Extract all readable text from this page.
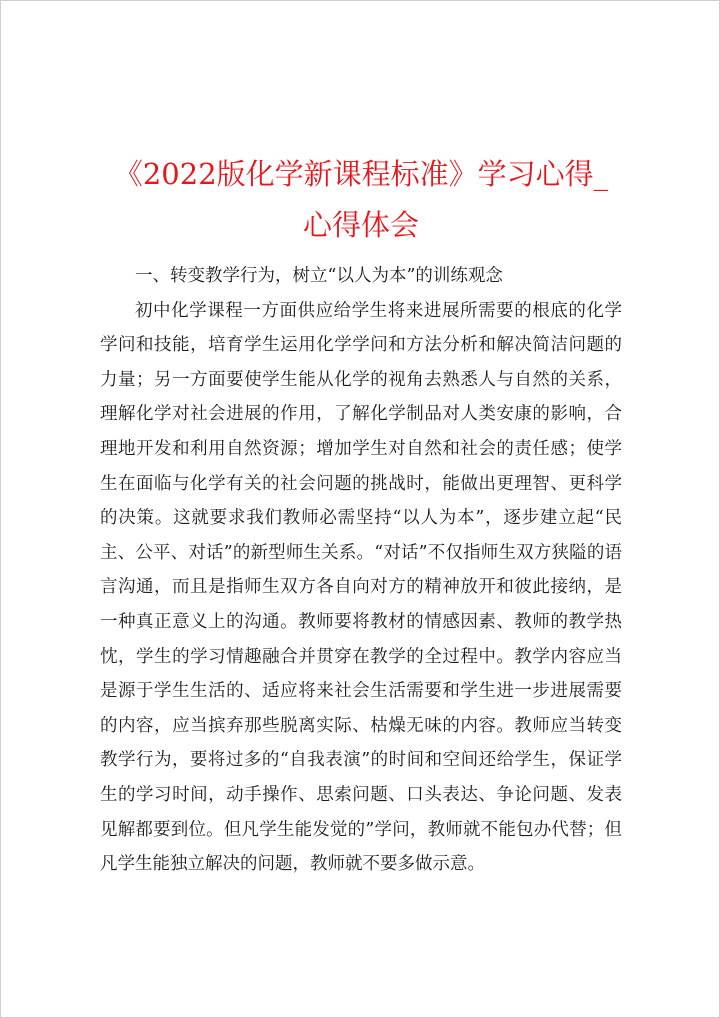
《2022版化学新课程标准》学习心得_心得体会

一、转变教学行为，树立“以人为本”的训练观念

初中化学课程一方面供应给学生将来进展所需要的根底的化学学问和技能，培育学生运用化学学问和方法分析和解决简洁问题的力量；另一方面要使学生能从化学的视角去熟悉人与自然的关系，理解化学对社会进展的作用，了解化学制品对人类安康的影响，合理地开发和利用自然资源；增加学生对自然和社会的责任感；使学生在面临与化学有关的社会问题的挑战时，能做出更理智、更科学的决策。这就要求我们教师必需坚持“以人为本”，逐步建立起“民主、公平、对话”的新型师生关系。“对话”不仅指师生双方狭隘的语言沟通，而且是指师生双方各自向对方的精神放开和彼此接纳，是一种真正意义上的沟通。教师要将教材的情感因素、教师的教学热忱，学生的学习情趣融合并贯穿在教学的全过程中。教学内容应当是源于学生生活的、适应将来社会生活需要和学生进一步进展需要的内容，应当摈弃那些脱离实际、枯燥无味的内容。教师应当转变教学行为，要将过多的“自我表演”的时间和空间还给学生，保证学生的学习时间，动手操作、思索问题、口头表达、争论问题、发表见解都要到位。但凡学生能发觉的”学问，教师就不能包办代替；但凡学生能独立解决的问题，教师就不要多做示意。
